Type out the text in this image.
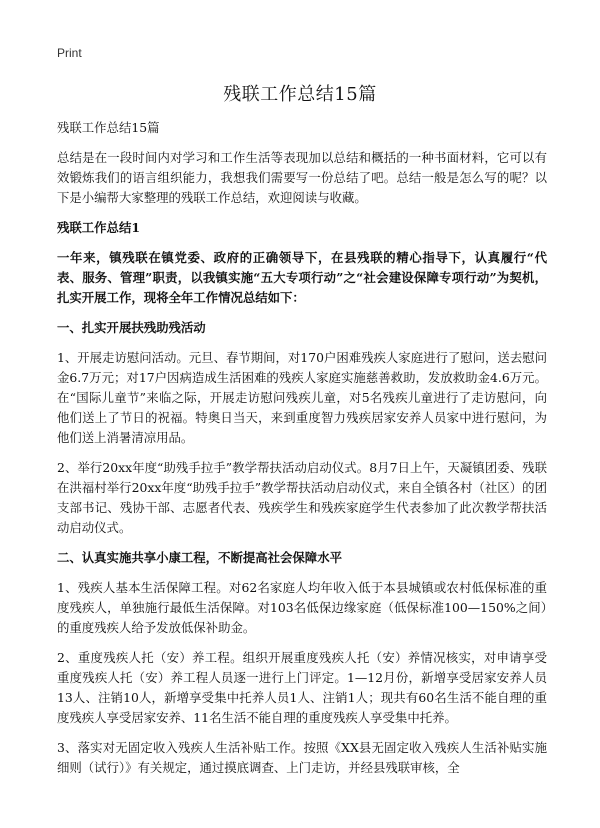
Print
残联工作总结15篇

残联工作总结15篇

总结是在一段时间内对学习和工作生活等表现加以总结和概括的一种书面材料，它可以有效锻炼我们的语言组织能力，我想我们需要写一份总结了吧。总结一般是怎么写的呢？以下是小编帮大家整理的残联工作总结，欢迎阅读与收藏。

残联工作总结1

一年来，镇残联在镇党委、政府的正确领导下，在县残联的精心指导下，认真履行“代表、服务、管理”职责，以我镇实施“五大专项行动”之“社会建设保障专项行动”为契机，扎实开展工作，现将全年工作情况总结如下：

一、扎实开展扶残助残活动

1、开展走访慰问活动。元旦、春节期间，对170户困难残疾人家庭进行了慰问，送去慰问金6.7万元；对17户因病造成生活困难的残疾人家庭实施慈善救助，发放救助金4.6万元。在“国际儿童节”来临之际，开展走访慰问残疾儿童，对5名残疾儿童进行了走访慰问，向他们送上了节日的祝福。特奥日当天，来到重度智力残疾居家安养人员家中进行慰问，为他们送上消暑清凉用品。

2、举行20xx年度“助残手拉手”教学帮扶活动启动仪式。8月7日上午，天凝镇团委、残联在洪福村举行20xx年度“助残手拉手”教学帮扶活动启动仪式，来自全镇各村（社区）的团支部书记、残协干部、志愿者代表、残疾学生和残疾家庭学生代表参加了此次教学帮扶活动启动仪式。

二、认真实施共享小康工程，不断提高社会保障水平

1、残疾人基本生活保障工程。对62名家庭人均年收入低于本县城镇或农村低保标准的重度残疾人，单独施行最低生活保障。对103名低保边缘家庭（低保标准100—150%之间）的重度残疾人给予发放低保补助金。

2、重度残疾人托（安）养工程。组织开展重度残疾人托（安）养情况核实，对申请享受重度残疾人托（安）养工程人员逐一进行上门评定。1—12月份，新增享受居家安养人员13人、注销10人，新增享受集中托养人员1人、注销1人；现共有60名生活不能自理的重度残疾人享受居家安养、11名生活不能自理的重度残疾人享受集中托养。

3、落实对无固定收入残疾人生活补贴工作。按照《XX县无固定收入残疾人生活补贴实施细则（试行）》有关规定，通过摸底调查、上门走访，并经县残联审核，全
